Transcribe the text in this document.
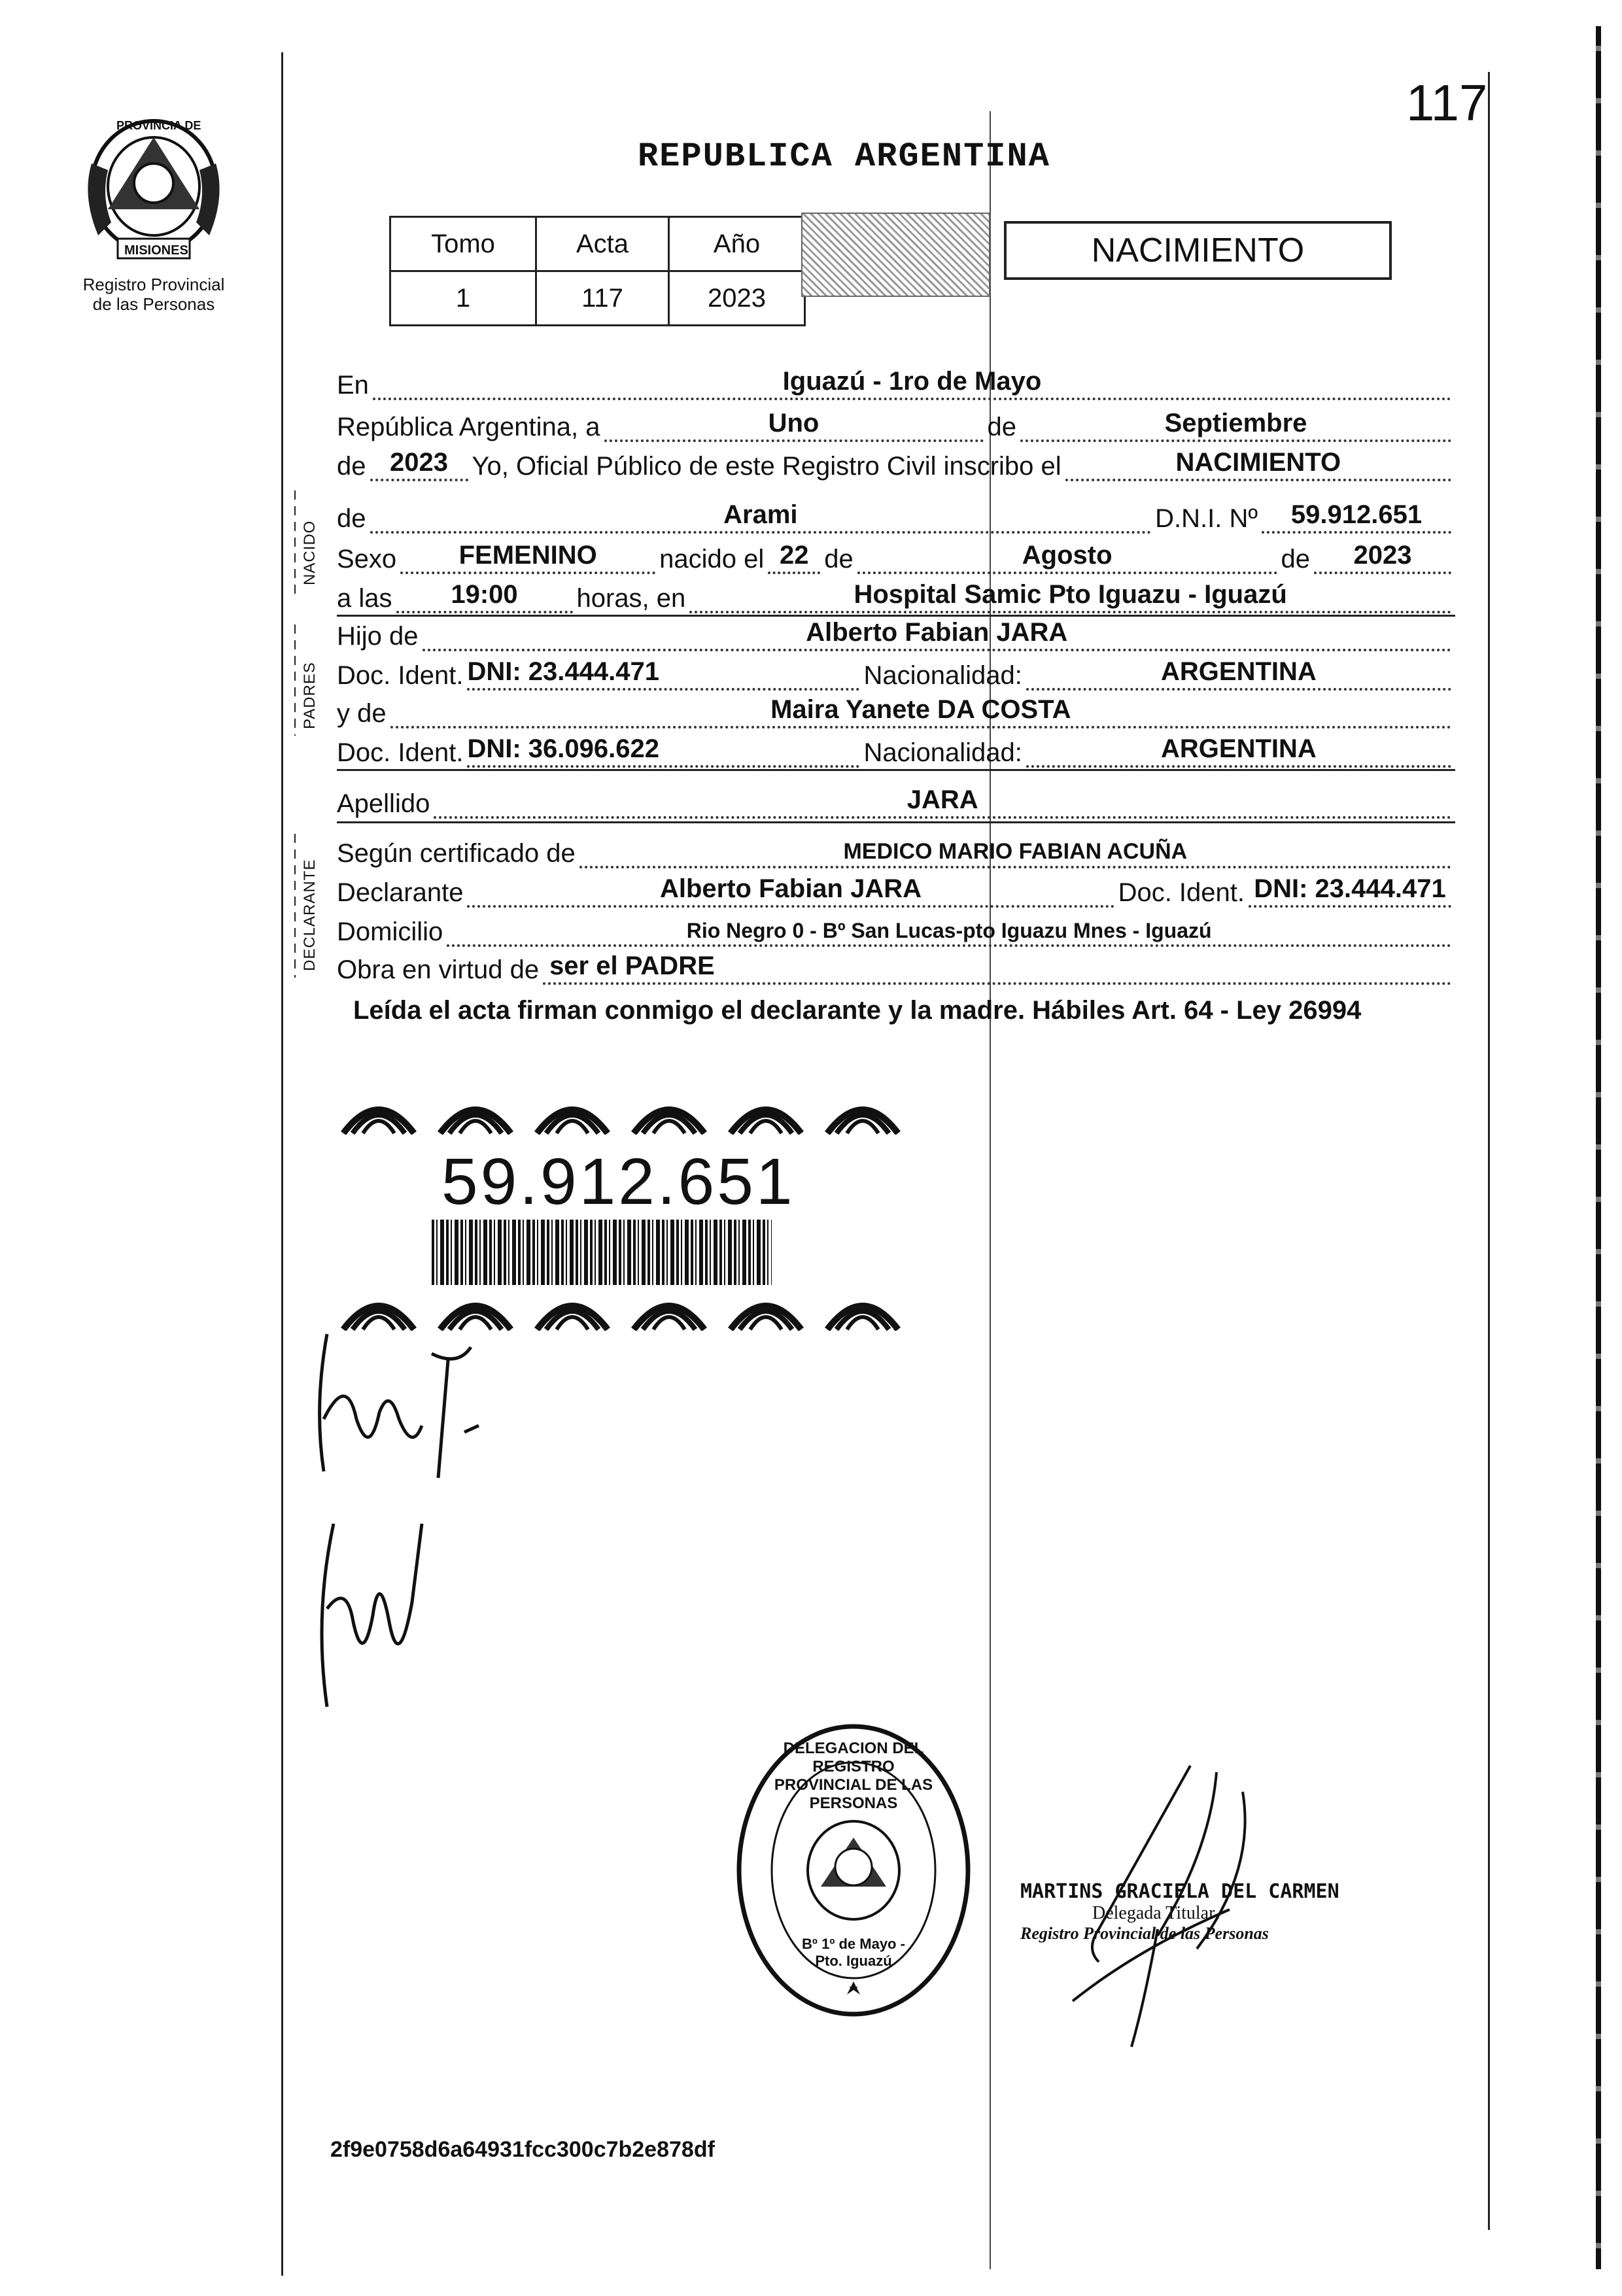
117
PROVINCIA DE
MISIONES
Registro Provincial
de las Personas
REPUBLICA ARGENTINA
Tomo	Acta	Año
1	117	2023
NACIMIENTO
En	Iguazú - 1ro de Mayo
República Argentina, a	Uno	de	Septiembre
de 2023 Yo, Oficial Público de este Registro Civil inscribo el	NACIMIENTO
NACIDO
de	Arami	D.N.I. Nº	59.912.651
Sexo	FEMENINO	nacido el 22 de	Agosto	de	2023
a las	19:00	horas, en	Hospital Samic Pto Iguazu - Iguazú
PADRES
Hijo de	Alberto Fabian JARA
Doc. Ident. DNI: 23.444.471	Nacionalidad:	ARGENTINA
y de	Maira Yanete DA COSTA
Doc. Ident. DNI: 36.096.622	Nacionalidad:	ARGENTINA
Apellido	JARA
DECLARANTE
Según certificado de	MEDICO MARIO FABIAN ACUÑA
Declarante	Alberto Fabian JARA	Doc. Ident. DNI: 23.444.471
Domicilio	Rio Negro 0 - Bº San Lucas-pto Iguazu Mnes - Iguazú
Obra en virtud de ser el PADRE
Leída el acta firman conmigo el declarante y la madre. Hábiles Art. 64 - Ley 26994
59.912.651
DELEGACION DEL REGISTRO PROVINCIAL DE LAS PERSONAS
Bº 1º de Mayo - Pto. Iguazú
MARTINS GRACIELA DEL CARMEN
Delegada Titular
Registro Provincial de las Personas
2f9e0758d6a64931fcc300c7b2e878df
